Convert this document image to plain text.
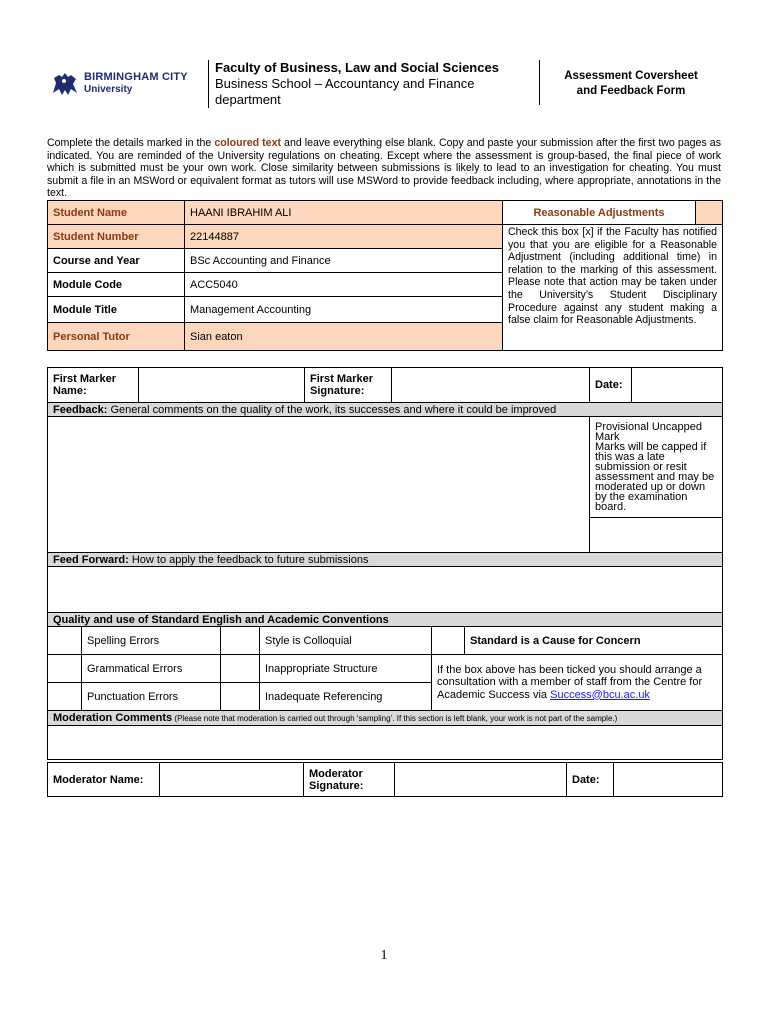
BIRMINGHAM CITY
University
Faculty of Business, Law and Social Sciences
Business School – Accountancy and Finance department
Assessment Coversheet
and Feedback Form
Complete the details marked in the coloured text and leave everything else blank. Copy and paste your submission after the first two pages as indicated. You are reminded of the University regulations on cheating. Except where the assessment is group-based, the final piece of work which is submitted must be your own work. Close similarity between submissions is likely to lead to an investigation for cheating. You must submit a file in an MSWord or equivalent format as tutors will use MSWord to provide feedback including, where appropriate, annotations in the text.
Student Name	HAANI IBRAHIM ALI	Reasonable Adjustments	
Student Number	22144887	Check this box [x] if the Faculty has notified you that you are eligible for a Reasonable Adjustment (including additional time) in relation to the marking of this assessment. Please note that action may be taken under the University’s Student Disciplinary Procedure against any student making a false claim for Reasonable Adjustments.	
Course and Year	BSc Accounting and Finance		
Module Code	ACC5040		
Module Title	Management Accounting		
Personal Tutor	Sian eaton		
First Marker Name:		First Marker Signature:		Date:	
Feedback: General comments on the quality of the work, its successes and where it could be improved					

				Provisional Uncapped Mark
Marks will be capped if this was a late submission or resit assessment and may be moderated up or down by the examination board.	

Feed Forward: How to apply the feedback to future submissions					

Quality and use of Standard English and Academic Conventions					
	Spelling Errors		Style is Colloquial		Standard is a Cause for Concern
	Grammatical Errors		Inappropriate Structure	If the box above has been ticked you should arrange a consultation with a member of staff from the Centre for Academic Success via Success@bcu.ac.uk	
	Punctuation Errors		Inadequate Referencing		
Moderation Comments (Please note that moderation is carried out through ‘sampling’. If this section is left blank, your work is not part of the sample.)					

Moderator Name:		Moderator Signature:		Date:	
1
